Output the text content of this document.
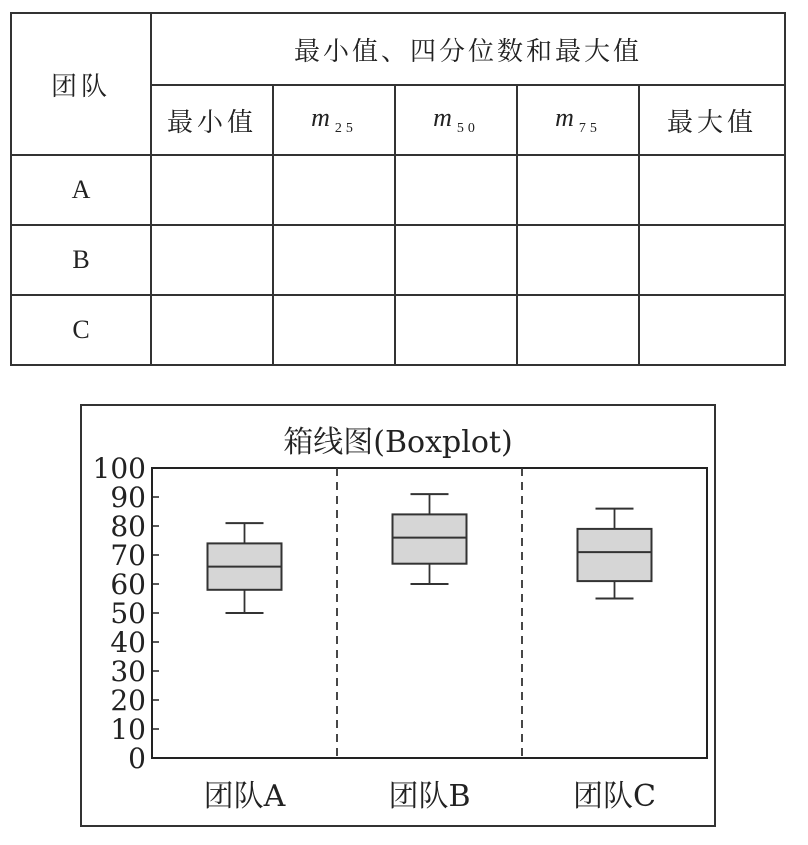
团队	最小值、四分位数和最大值				
	最小值	$m_{25}$	$m_{50}$	$m_{75}$	最大值
A					
B					
C					
箱线图(Boxplot)
0
10
20
30
40
50
60
70
80
90
100
团队A	团队B	团队C
